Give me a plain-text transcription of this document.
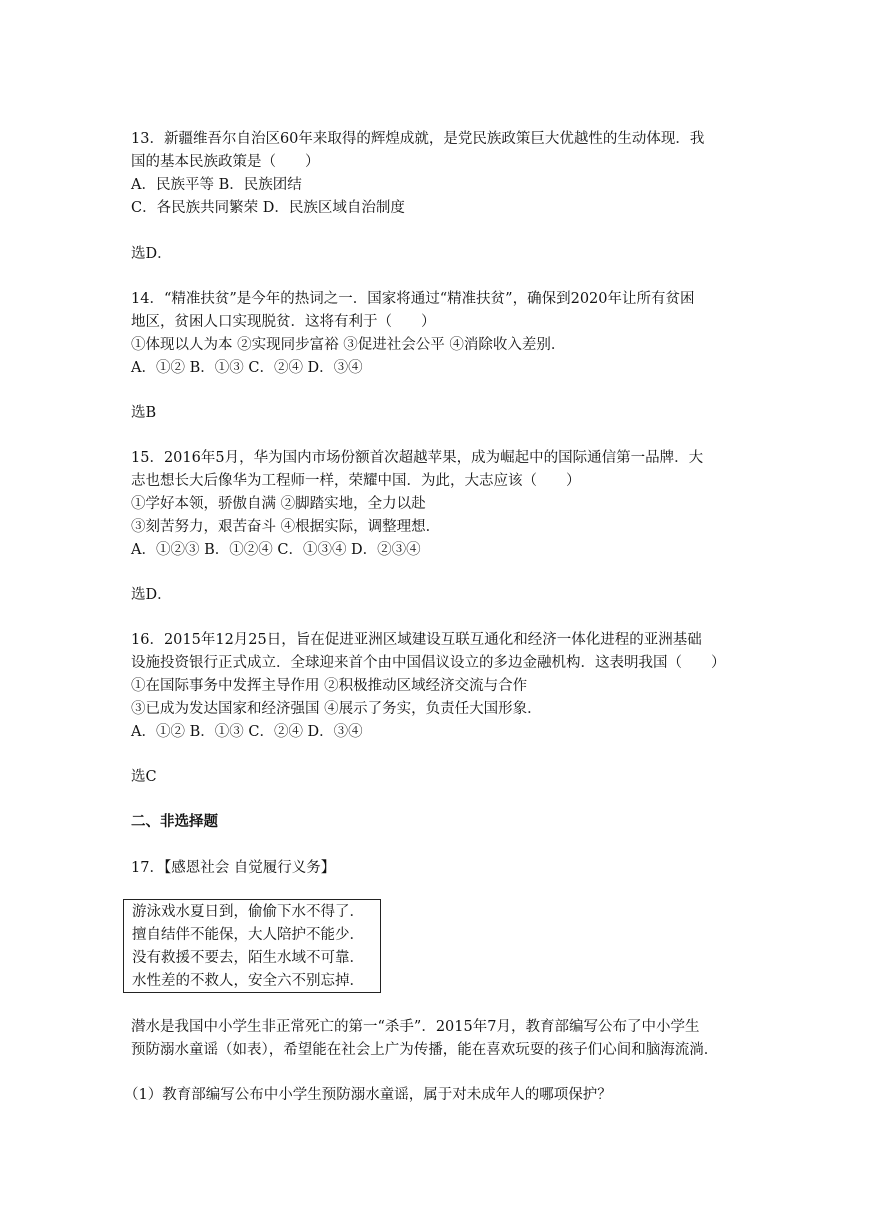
13．新疆维吾尔自治区60年来取得的辉煌成就，是党民族政策巨大优越性的生动体现．我
国的基本民族政策是（　　）
A．民族平等 B．民族团结
C．各民族共同繁荣 D．民族区域自治制度
选D．
14．“精准扶贫”是今年的热词之一．国家将通过“精准扶贫”，确保到2020年让所有贫困
地区，贫困人口实现脱贫．这将有利于（　　）
①体现以人为本 ②实现同步富裕 ③促进社会公平 ④消除收入差别．
A．①② B．①③ C．②④ D．③④
选B
15．2016年5月，华为国内市场份额首次超越苹果，成为崛起中的国际通信第一品牌．大
志也想长大后像华为工程师一样，荣耀中国．为此，大志应该（　　）
①学好本领，骄傲自满 ②脚踏实地，全力以赴
③刻苦努力，艰苦奋斗 ④根据实际，调整理想．
A．①②③ B．①②④ C．①③④ D．②③④
选D．
16．2015年12月25日，旨在促进亚洲区域建设互联互通化和经济一体化进程的亚洲基础
设施投资银行正式成立．全球迎来首个由中国倡议设立的多边金融机构．这表明我国（　　）
①在国际事务中发挥主导作用 ②积极推动区域经济交流与合作
③已成为发达国家和经济强国 ④展示了务实，负责任大国形象．
A．①② B．①③ C．②④ D．③④
选C
二、非选择题
17．【感恩社会 自觉履行义务】
游泳戏水夏日到，偷偷下水不得了．
擅自结伴不能保，大人陪护不能少．
没有救援不要去，陌生水域不可靠．
水性差的不救人，安全六不别忘掉．
潜水是我国中小学生非正常死亡的第一“杀手”．2015年7月，教育部编写公布了中小学生
预防溺水童谣（如表），希望能在社会上广为传播，能在喜欢玩耍的孩子们心间和脑海流淌．
（1）教育部编写公布中小学生预防溺水童谣，属于对未成年人的哪项保护？
